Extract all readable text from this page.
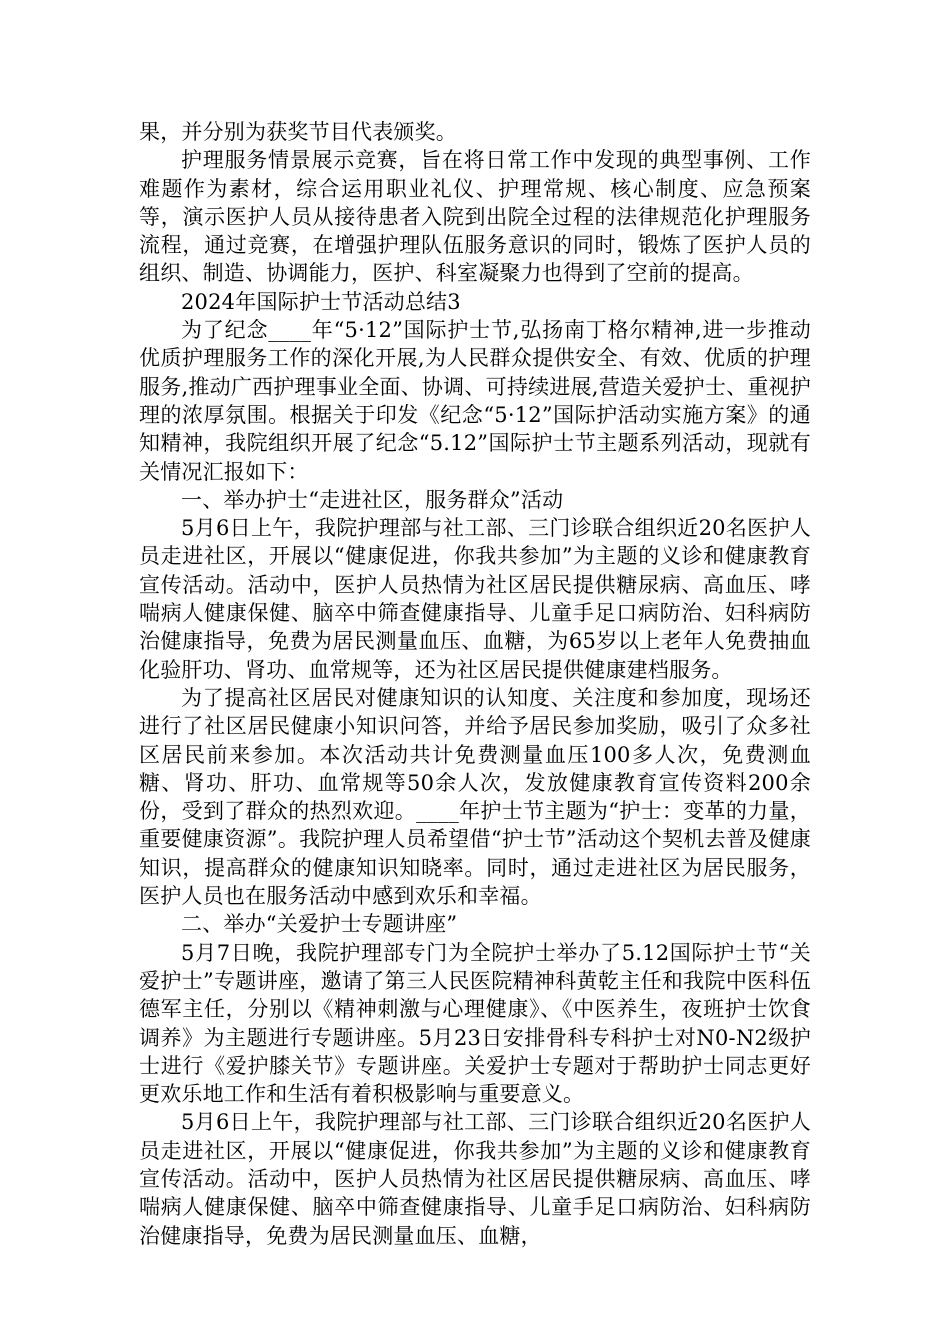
果，并分别为获奖节目代表颁奖。

护理服务情景展示竞赛，旨在将日常工作中发现的典型事例、工作难题作为素材，综合运用职业礼仪、护理常规、核心制度、应急预案等，演示医护人员从接待患者入院到出院全过程的法律规范化护理服务流程，通过竞赛，在增强护理队伍服务意识的同时，锻炼了医护人员的组织、制造、协调能力，医护、科室凝聚力也得到了空前的提高。

2024年国际护士节活动总结3

为了纪念____年“5·12”国际护士节,弘扬南丁格尔精神,进一步推动优质护理服务工作的深化开展,为人民群众提供安全、有效、优质的护理服务,推动广西护理事业全面、协调、可持续进展,营造关爱护士、重视护理的浓厚氛围。根据关于印发《纪念“5·12”国际护活动实施方案》的通知精神，我院组织开展了纪念“5.12”国际护士节主题系列活动，现就有关情况汇报如下：

一、举办护士“走进社区，服务群众”活动

5月6日上午，我院护理部与社工部、三门诊联合组织近20名医护人员走进社区，开展以“健康促进，你我共参加”为主题的义诊和健康教育宣传活动。活动中，医护人员热情为社区居民提供糖尿病、高血压、哮喘病人健康保健、脑卒中筛查健康指导、儿童手足口病防治、妇科病防治健康指导，免费为居民测量血压、血糖，为65岁以上老年人免费抽血化验肝功、肾功、血常规等，还为社区居民提供健康建档服务。

为了提高社区居民对健康知识的认知度、关注度和参加度，现场还进行了社区居民健康小知识问答，并给予居民参加奖励，吸引了众多社区居民前来参加。本次活动共计免费测量血压100多人次，免费测血糖、肾功、肝功、血常规等50余人次，发放健康教育宣传资料200余份，受到了群众的热烈欢迎。____年护士节主题为“护士：变革的力量，重要健康资源”。我院护理人员希望借“护士节”活动这个契机去普及健康知识，提高群众的健康知识知晓率。同时，通过走进社区为居民服务，医护人员也在服务活动中感到欢乐和幸福。

二、举办“关爱护士专题讲座”

5月7日晚，我院护理部专门为全院护士举办了5.12国际护士节“关爱护士”专题讲座，邀请了第三人民医院精神科黄乾主任和我院中医科伍德军主任，分别以《精神刺激与心理健康》、《中医养生，夜班护士饮食调养》为主题进行专题讲座。5月23日安排骨科专科护士对N0-N2级护士进行《爱护膝关节》专题讲座。关爱护士专题对于帮助护士同志更好更欢乐地工作和生活有着积极影响与重要意义。

5月6日上午，我院护理部与社工部、三门诊联合组织近20名医护人员走进社区，开展以“健康促进，你我共参加”为主题的义诊和健康教育宣传活动。活动中，医护人员热情为社区居民提供糖尿病、高血压、哮喘病人健康保健、脑卒中筛查健康指导、儿童手足口病防治、妇科病防治健康指导，免费为居民测量血压、血糖，
